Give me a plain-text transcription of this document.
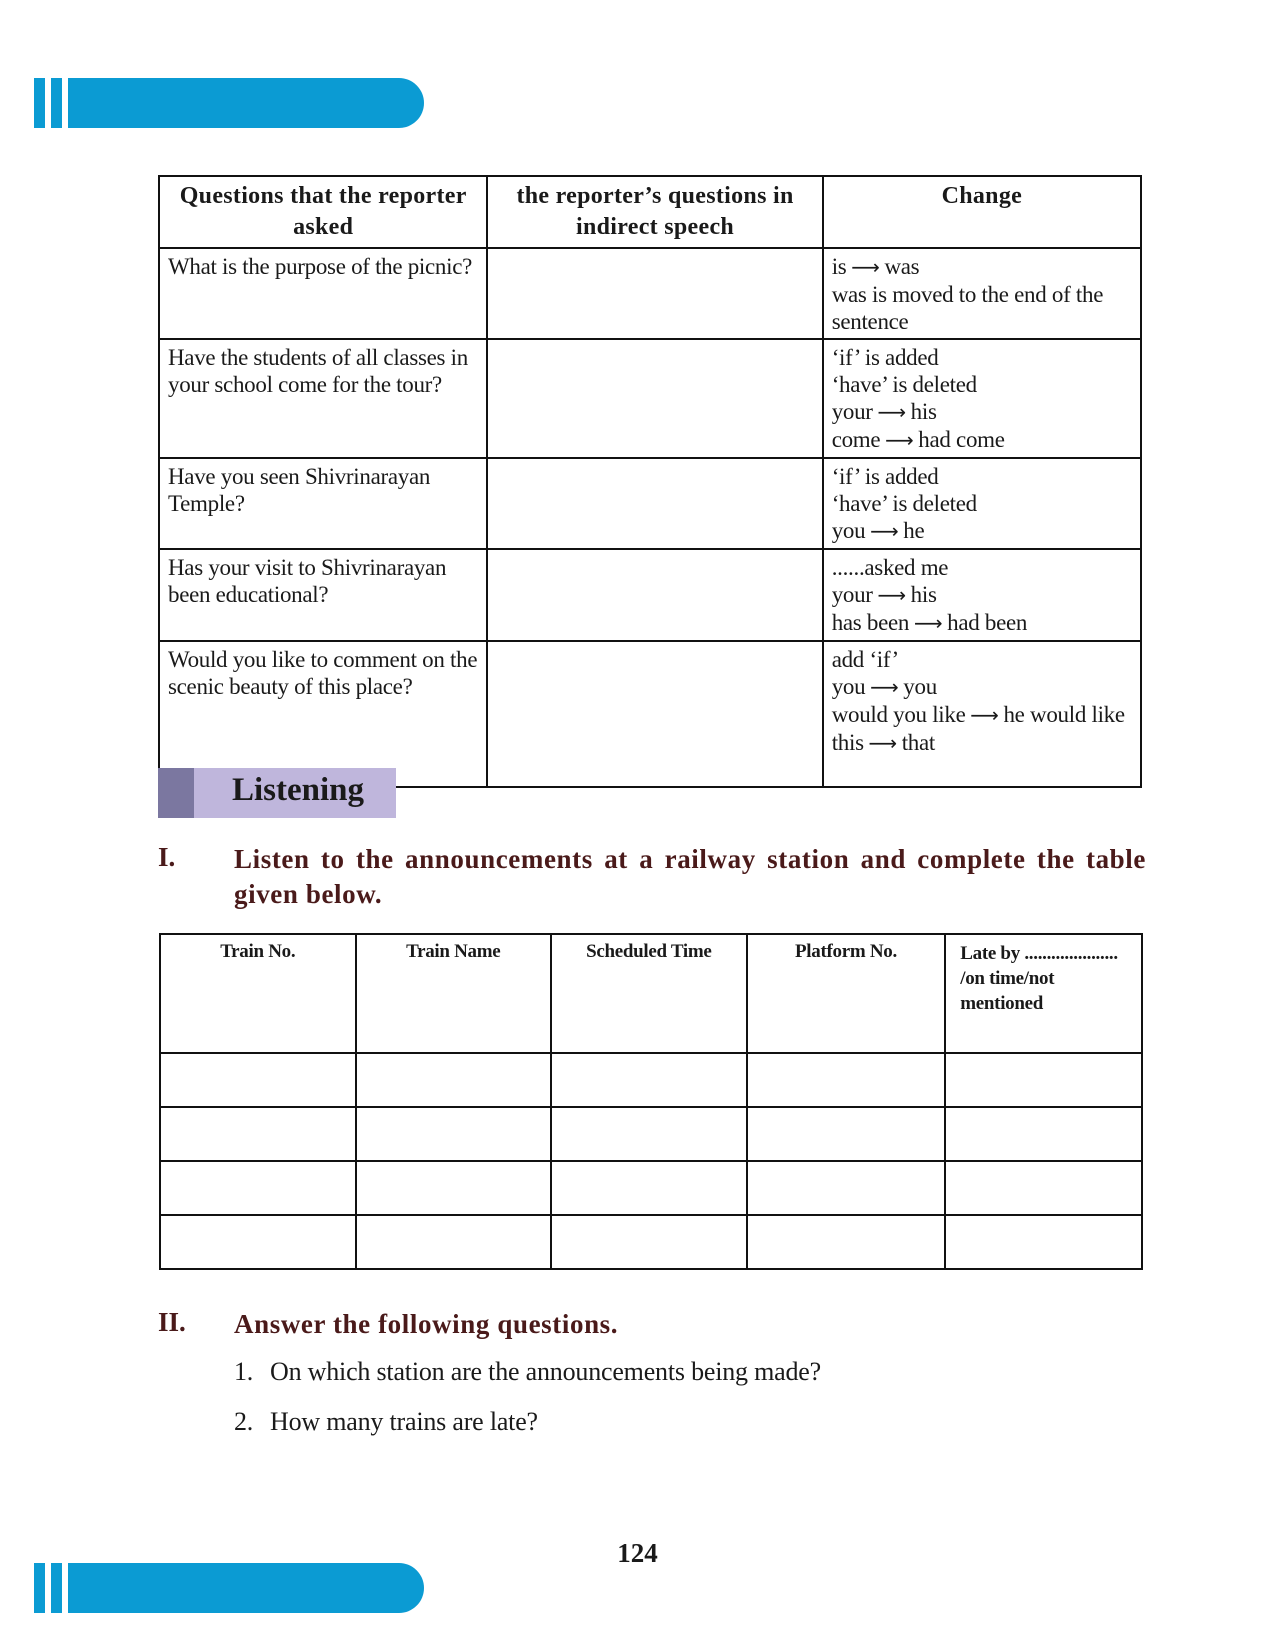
Questions that the reporter asked	the reporter’s questions in indirect speech	Change
What is the purpose of the picnic?		is ⟶ was
was is moved to the end of the sentence

Have the students of all classes in your school come for the tour?		‘if’ is added
‘have’ is deleted
your ⟶ his
come ⟶ had come

Have you seen Shivrinarayan Temple?		‘if’ is added
‘have’ is deleted
you ⟶ he

Has your visit to Shivrinarayan been educational?		......asked me
your ⟶ his
has been ⟶ had been

Would you like to comment on the scenic beauty of this place?		add ‘if’
you ⟶ you
would you like ⟶ he would like
this ⟶ that
Listening
I. Listen to the announcements at a railway station and complete the table given below.
Train No.	Train Name	Scheduled Time	Platform No.	Late by ..................... /on time/not mentioned

II. Answer the following questions.
1. On which station are the announcements being made?
2. How many trains are late?
124
